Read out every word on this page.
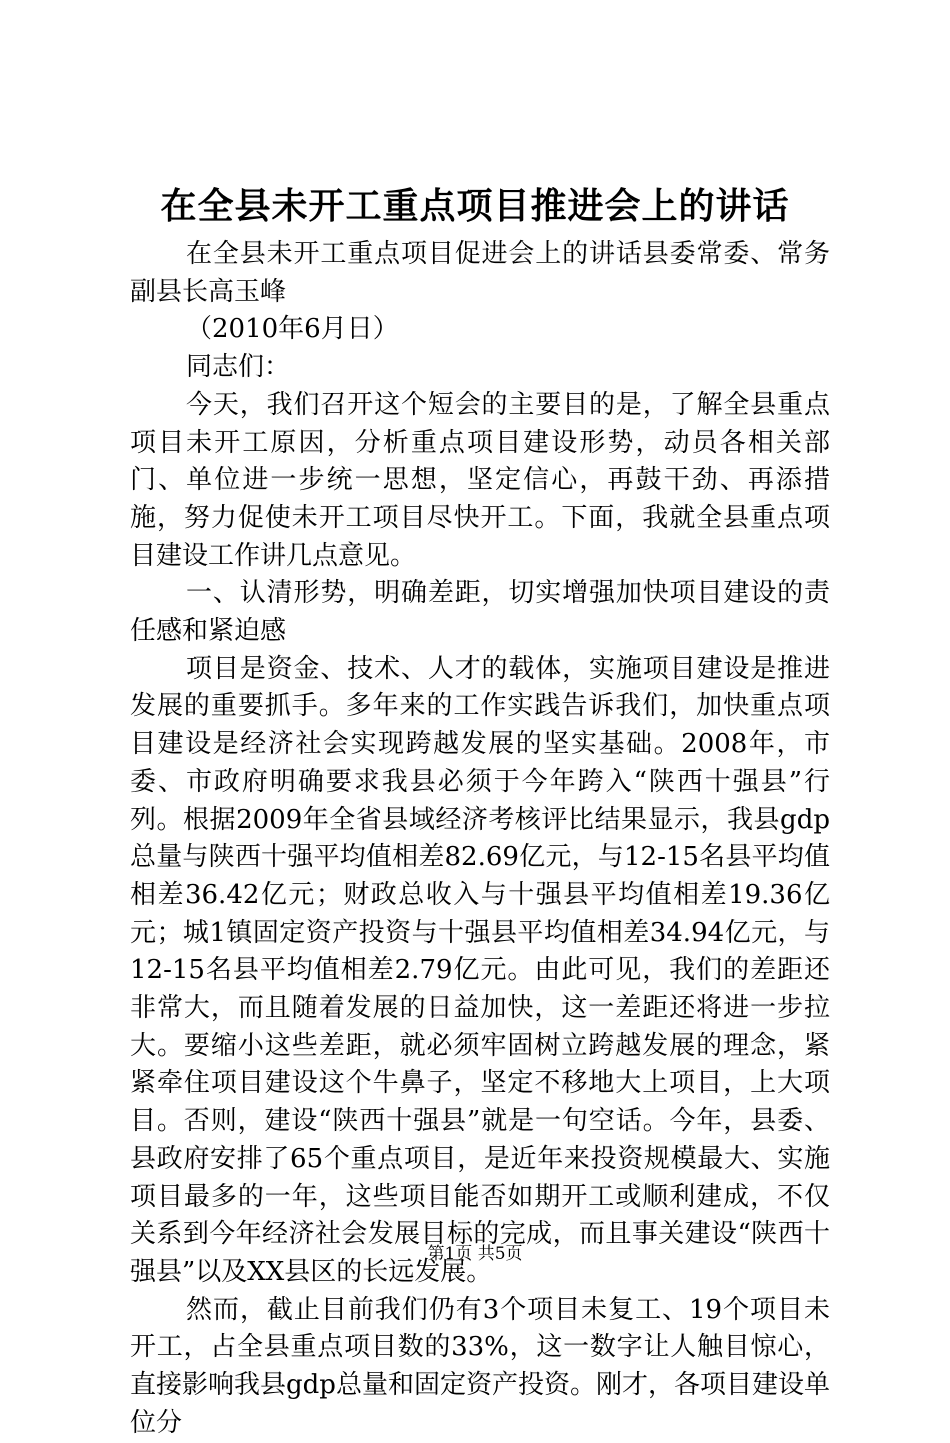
在全县未开工重点项目推进会上的讲话

在全县未开工重点项目促进会上的讲话县委常委、常务副县长高玉峰

（2010年6月日）

同志们：

今天，我们召开这个短会的主要目的是，了解全县重点项目未开工原因，分析重点项目建设形势，动员各相关部门、单位进一步统一思想，坚定信心，再鼓干劲、再添措施，努力促使未开工项目尽快开工。下面，我就全县重点项目建设工作讲几点意见。

一、认清形势，明确差距，切实增强加快项目建设的责任感和紧迫感

项目是资金、技术、人才的载体，实施项目建设是推进发展的重要抓手。多年来的工作实践告诉我们，加快重点项目建设是经济社会实现跨越发展的坚实基础。2008年，市委、市政府明确要求我县必须于今年跨入“陕西十强县”行列。根据2009年全省县域经济考核评比结果显示，我县gdp总量与陕西十强平均值相差82.69亿元，与12-15名县平均值相差36.42亿元；财政总收入与十强县平均值相差19.36亿元；城1镇固定资产投资与十强县平均值相差34.94亿元，与12-15名县平均值相差2.79亿元。由此可见，我们的差距还非常大，而且随着发展的日益加快，这一差距还将进一步拉大。要缩小这些差距，就必须牢固树立跨越发展的理念，紧紧牵住项目建设这个牛鼻子，坚定不移地大上项目，上大项目。否则，建设“陕西十强县”就是一句空话。今年，县委、县政府安排了65个重点项目，是近年来投资规模最大、实施项目最多的一年，这些项目能否如期开工或顺利建成，不仅关系到今年经济社会发展目标的完成，而且事关建设“陕西十强县”以及XX县区的长远发展。

然而，截止目前我们仍有3个项目未复工、19个项目未开工，占全县重点项目数的33%，这一数字让人触目惊心，直接影响我县gdp总量和固定资产投资。刚才，各项目建设单位分

第1页 共5页
